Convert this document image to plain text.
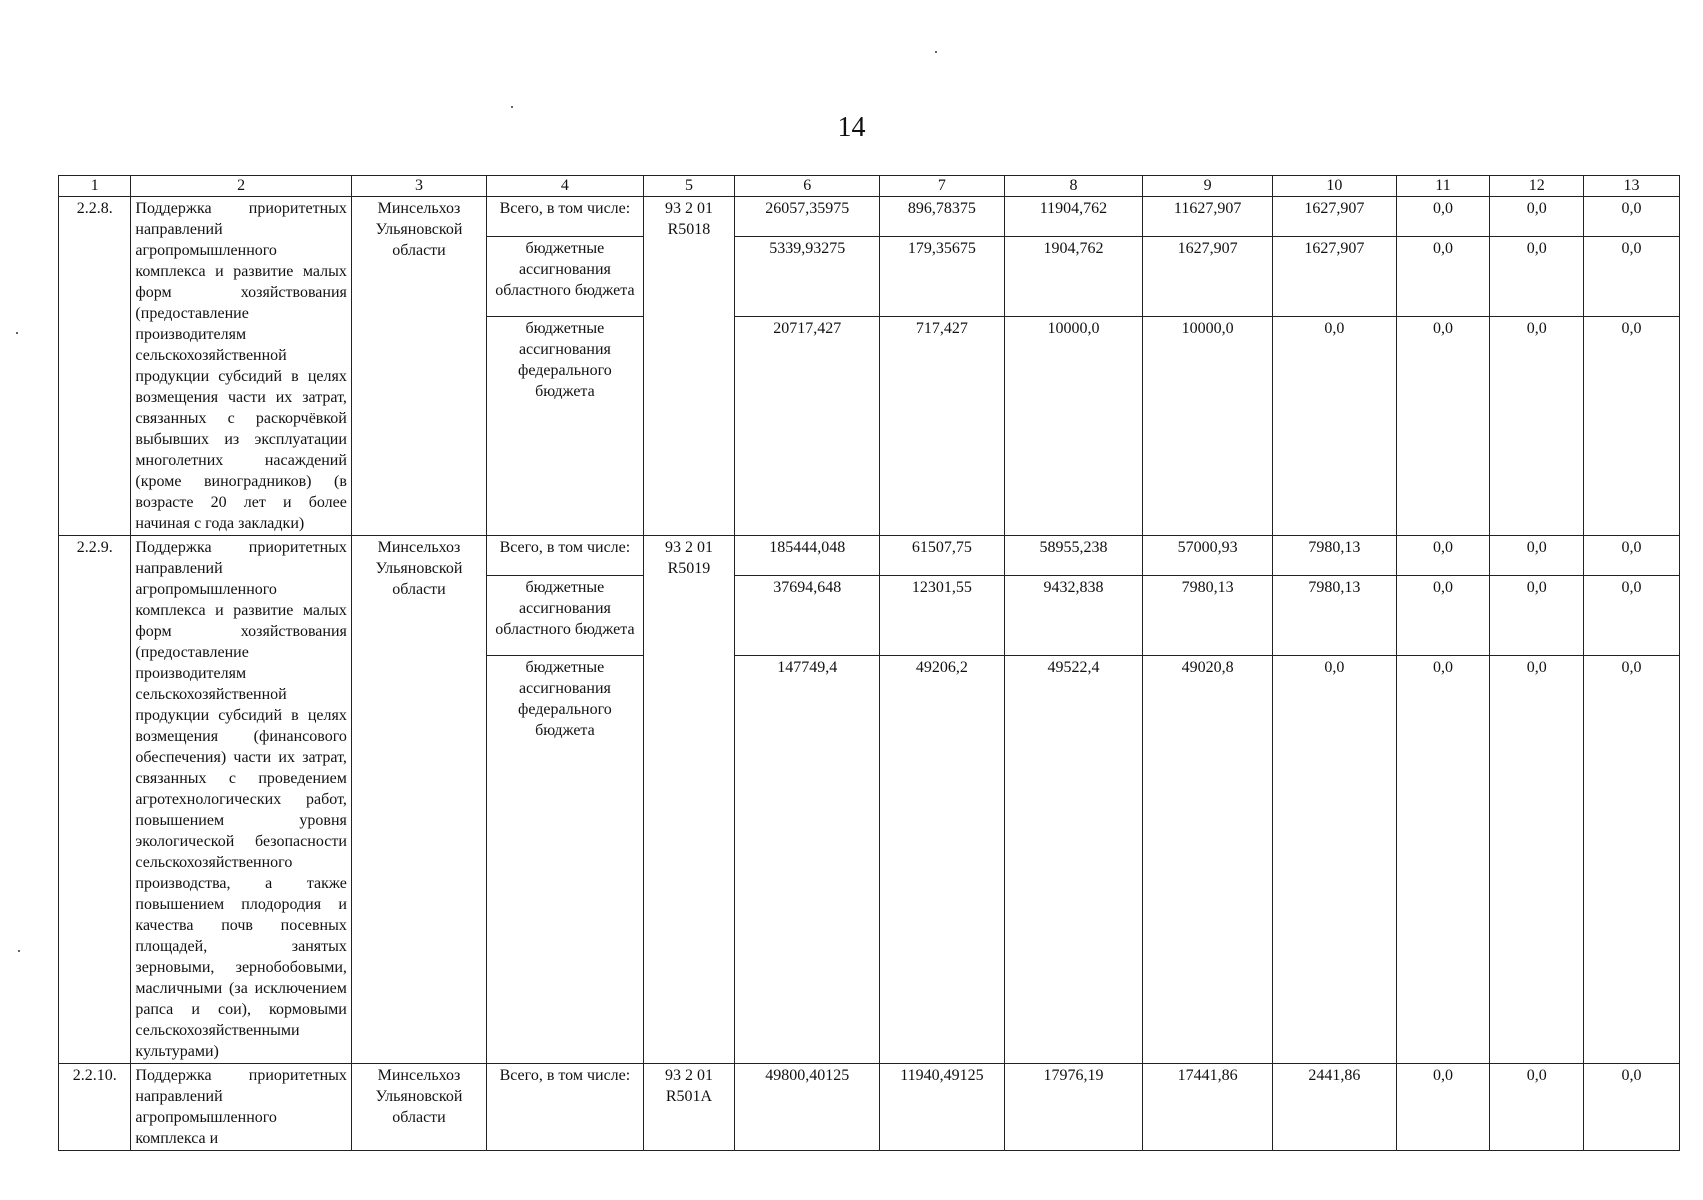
14
1	2	3	4	5	6	7	8	9	10	11	12	13
2.2.8.	Поддержка приоритетных направлений агропромышленного комплекса и развитие малых форм хозяйствования (предоставление производителям сельскохозяйственной продукции субсидий в целях возмещения части их затрат, связанных с раскорчёвкой выбывших из эксплуатации многолетних насаждений (кроме виноградников) (в возрасте 20 лет и более начиная с года закладки)	Минсельхоз Ульяновской области	Всего, в том числе:	93 2 01 R5018	26057,35975	896,78375	11904,762	11627,907	1627,907	0,0	0,0	0,0
			бюджетные ассигнования областного бюджета		5339,93275	179,35675	1904,762	1627,907	1627,907	0,0	0,0	0,0
			бюджетные ассигнования федерального бюджета		20717,427	717,427	10000,0	10000,0	0,0	0,0	0,0	0,0
2.2.9.	Поддержка приоритетных направлений агропромышленного комплекса и развитие малых форм хозяйствования (предоставление производителям сельскохозяйственной продукции субсидий в целях возмещения (финансового обеспечения) части их затрат, связанных с проведением агротехнологических работ, повышением уровня экологической безопасности сельскохозяйственного производства, а также повышением плодородия и качества почв посевных площадей, занятых зерновыми, зернобобовыми, масличными (за исключением рапса и сои), кормовыми сельскохозяйственными культурами)	Минсельхоз Ульяновской области	Всего, в том числе:	93 2 01 R5019	185444,048	61507,75	58955,238	57000,93	7980,13	0,0	0,0	0,0
			бюджетные ассигнования областного бюджета		37694,648	12301,55	9432,838	7980,13	7980,13	0,0	0,0	0,0
			бюджетные ассигнования федерального бюджета		147749,4	49206,2	49522,4	49020,8	0,0	0,0	0,0	0,0
2.2.10.	Поддержка приоритетных направлений агропромышленного комплекса и	Минсельхоз Ульяновской области	Всего, в том числе:	93 2 01 R501A	49800,40125	11940,49125	17976,19	17441,86	2441,86	0,0	0,0	0,0
